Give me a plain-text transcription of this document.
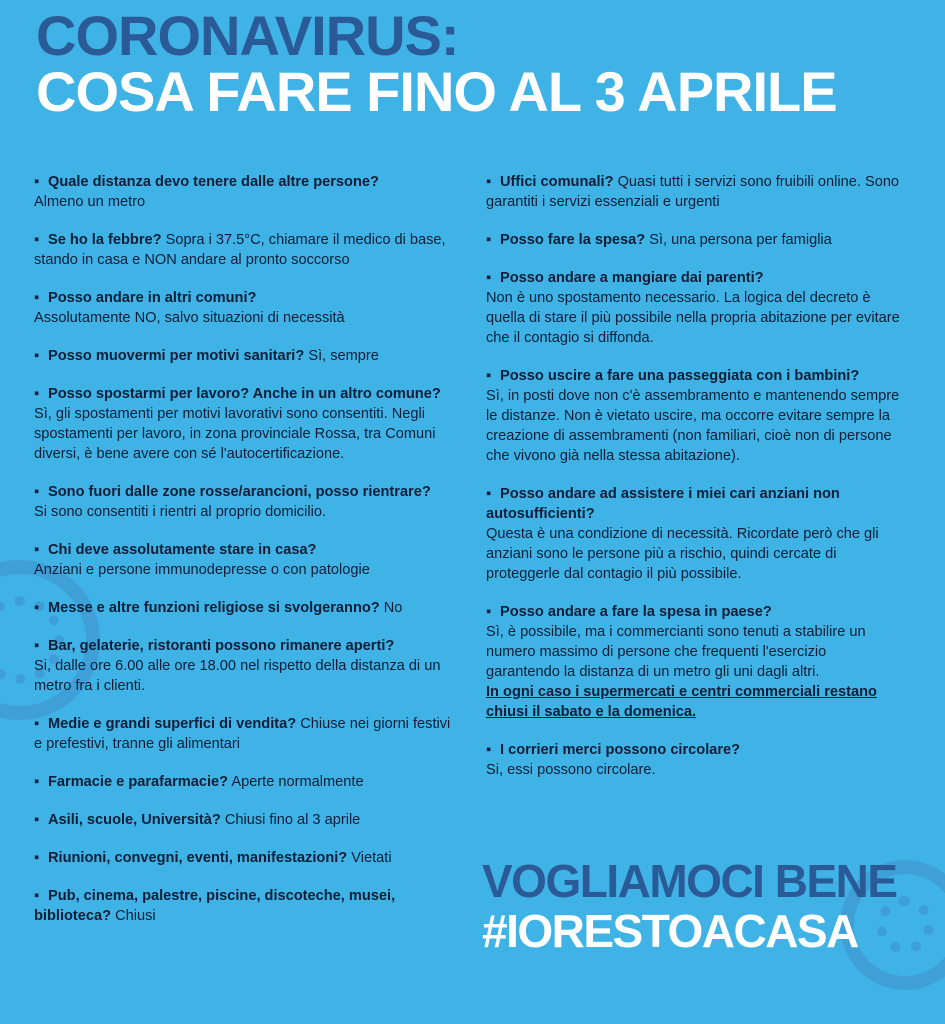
CORONAVIRUS:
COSA FARE FINO AL 3 APRILE
▪ Quale distanza devo tenere dalle altre persone?
Almeno un metro
▪ Se ho la febbre? Sopra i 37.5°C, chiamare il medico di base, stando in casa e NON andare al pronto soccorso
▪ Posso andare in altri comuni?
Assolutamente NO, salvo situazioni di necessità
▪ Posso muovermi per motivi sanitari? Sì, sempre
▪ Posso spostarmi per lavoro? Anche in un altro comune?
Sì, gli spostamenti per motivi lavorativi sono consentiti. Negli spostamenti per lavoro, in zona provinciale Rossa, tra Comuni diversi, è bene avere con sé l'autocertificazione.
▪ Sono fuori dalle zone rosse/arancioni, posso rientrare?
Si sono consentiti i rientri al proprio domicilio.
▪ Chi deve assolutamente stare in casa?
Anziani e persone immunodepresse o con patologie
▪ Messe e altre funzioni religiose si svolgeranno? No
▪ Bar, gelaterie, ristoranti possono rimanere aperti?
Si, dalle ore 6.00 alle ore 18.00 nel rispetto della distanza di un metro fra i clienti.
▪ Medie e grandi superfici di vendita? Chiuse nei giorni festivi e prefestivi, tranne gli alimentari
▪ Farmacie e parafarmacie? Aperte normalmente
▪ Asili, scuole, Università? Chiusi fino al 3 aprile
▪ Riunioni, convegni, eventi, manifestazioni? Vietati
▪ Pub, cinema, palestre, piscine, discoteche, musei, biblioteca? Chiusi
▪ Uffici comunali? Quasi tutti i servizi sono fruibili online. Sono garantiti i servizi essenziali e urgenti
▪ Posso fare la spesa? Sì, una persona per famiglia
▪ Posso andare a mangiare dai parenti?
Non è uno spostamento necessario. La logica del decreto è quella di stare il più possibile nella propria abitazione per evitare che il contagio si diffonda.
▪ Posso uscire a fare una passeggiata con i bambini?
Sì, in posti dove non c'è assembramento e mantenendo sempre le distanze. Non è vietato uscire, ma occorre evitare sempre la creazione di assembramenti (non familiari, cioè non di persone che vivono già nella stessa abitazione).
▪ Posso andare ad assistere i miei cari anziani non autosufficienti?
Questa è una condizione di necessità. Ricordate però che gli anziani sono le persone più a rischio, quindi cercate di proteggerle dal contagio il più possibile.
▪ Posso andare a fare la spesa in paese?
Sì, è possibile, ma i commercianti sono tenuti a stabilire un numero massimo di persone che frequenti l'esercizio garantendo la distanza di un metro gli uni dagli altri.
In ogni caso i supermercati e centri commerciali restano chiusi il sabato e la domenica.
▪ I corrieri merci possono circolare?
Si, essi possono circolare.
VOGLIAMOCI BENE
#IORESTOACASA
